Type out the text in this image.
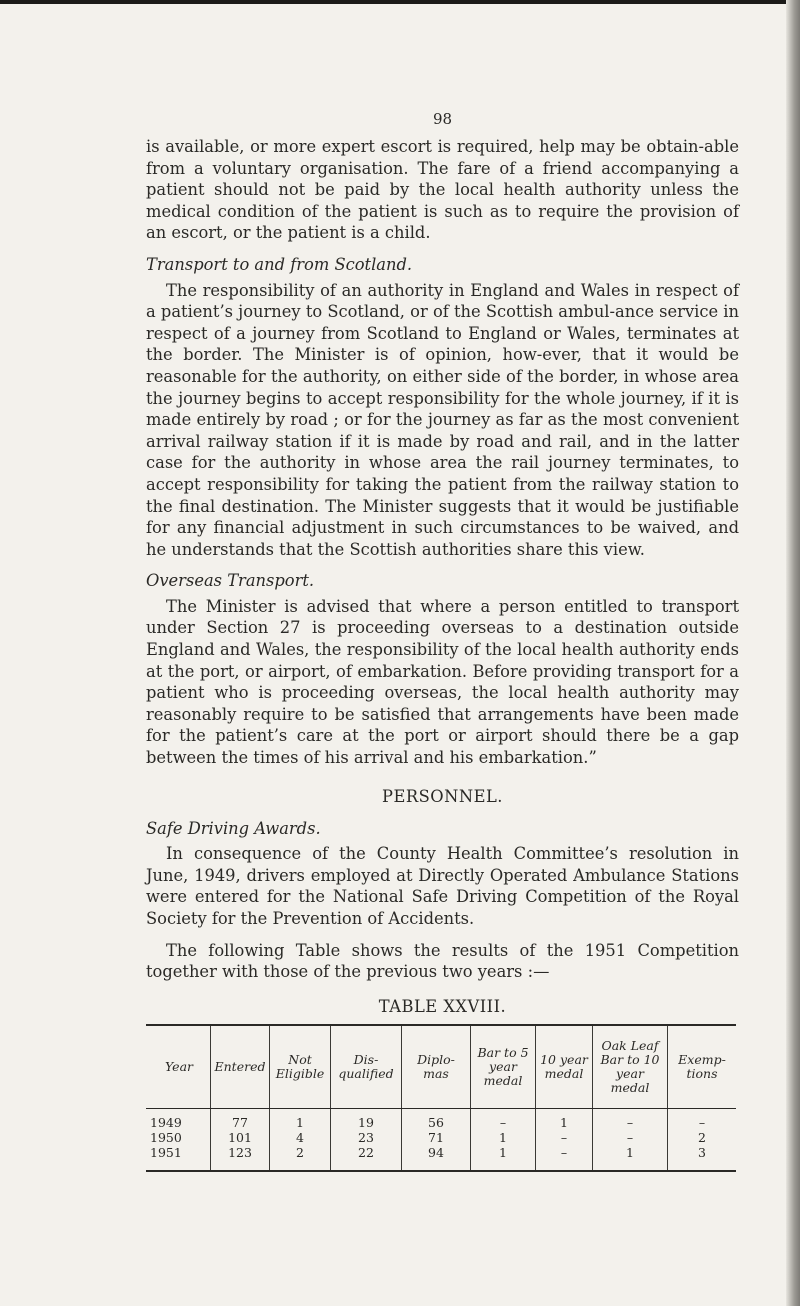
98

is available, or more expert escort is required, help may be obtain-able from a voluntary organisation. The fare of a friend accompanying a patient should not be paid by the local health authority unless the medical condition of the patient is such as to require the provision of an escort, or the patient is a child.

Transport to and from Scotland.

The responsibility of an authority in England and Wales in respect of a patient’s journey to Scotland, or of the Scottish ambul-ance service in respect of a journey from Scotland to England or Wales, terminates at the border. The Minister is of opinion, how-ever, that it would be reasonable for the authority, on either side of the border, in whose area the journey begins to accept responsibility for the whole journey, if it is made entirely by road ; or for the journey as far as the most convenient arrival railway station if it is made by road and rail, and in the latter case for the authority in whose area the rail journey terminates, to accept responsibility for taking the patient from the railway station to the final destination. The Minister suggests that it would be justifiable for any financial adjustment in such circumstances to be waived, and he understands that the Scottish authorities share this view.

Overseas Transport.

The Minister is advised that where a person entitled to transport under Section 27 is proceeding overseas to a destination outside England and Wales, the responsibility of the local health authority ends at the port, or airport, of embarkation. Before providing transport for a patient who is proceeding overseas, the local health authority may reasonably require to be satisfied that arrangements have been made for the patient’s care at the port or airport should there be a gap between the times of his arrival and his embarkation.”

PERSONNEL.
Safe Driving Awards.

In consequence of the County Health Committee’s resolution in June, 1949, drivers employed at Directly Operated Ambulance Stations were entered for the National Safe Driving Competition of the Royal Society for the Prevention of Accidents.

The following Table shows the results of the 1951 Competition together with those of the previous two years :—

TABLE XXVIII.
Year	Entered	Not Eligible	Dis- qualified	Diplo- mas	Bar to 5 year medal	10 year medal	Oak Leaf Bar to 10 year medal	Exemp- tions
1949	77	1	19	56	–	1	–	–
1950	101	4	23	71	1	–	–	2
1951	123	2	22	94	1	–	1	3
